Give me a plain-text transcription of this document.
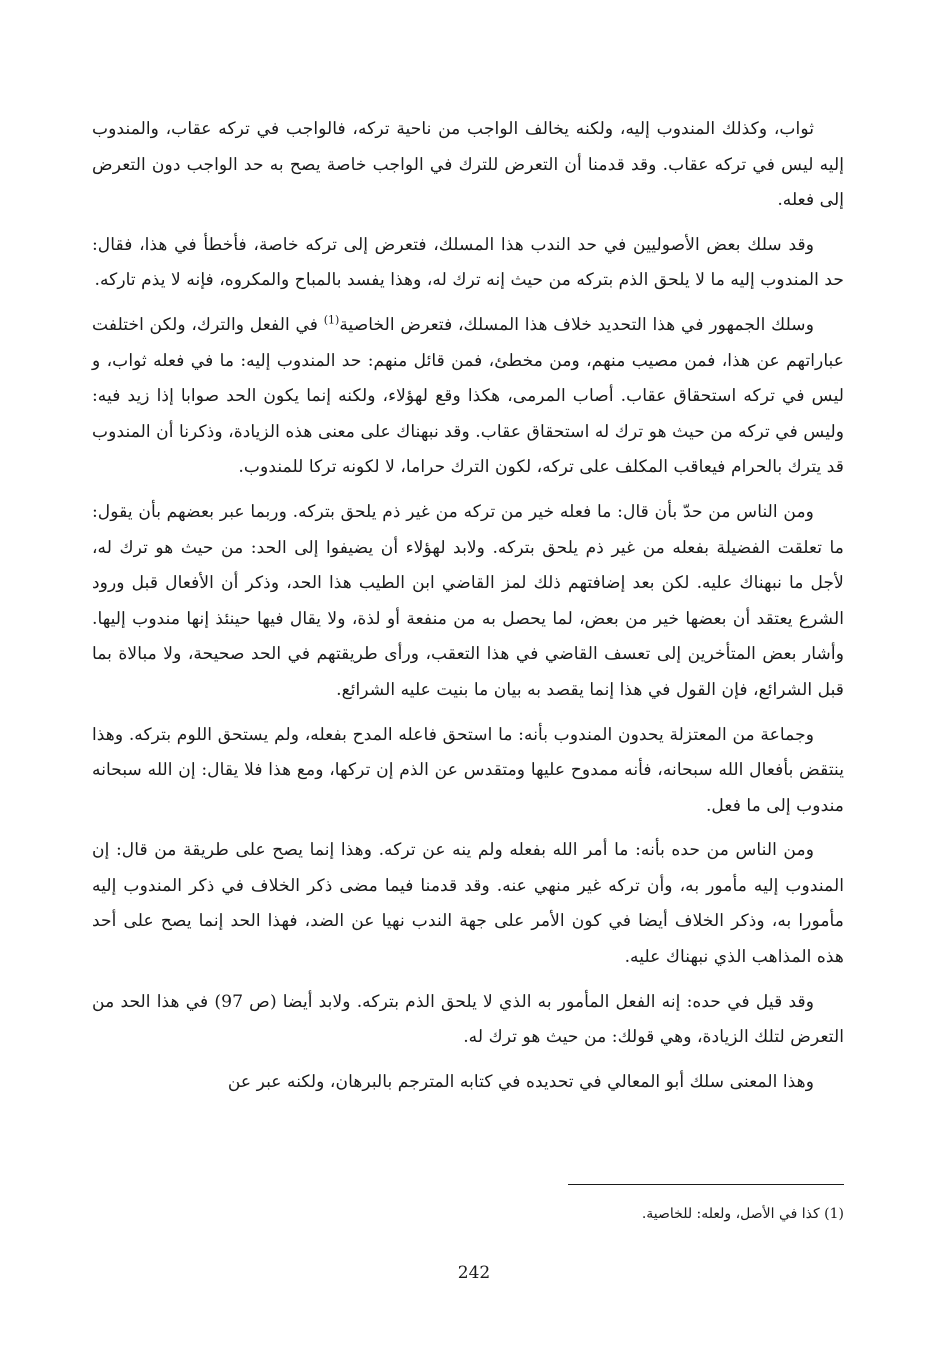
ثواب، وكذلك المندوب إليه، ولكنه يخالف الواجب من ناحية تركه، فالواجب في تركه عقاب، والمندوب إليه ليس في تركه عقاب. وقد قدمنا أن التعرض للترك في الواجب خاصة يصح به حد الواجب دون التعرض إلى فعله.

وقد سلك بعض الأصوليين في حد الندب هذا المسلك، فتعرض إلى تركه خاصة، فأخطأ في هذا، فقال: حد المندوب إليه ما لا يلحق الذم بتركه من حيث إنه ترك له، وهذا يفسد بالمباح والمكروه، فإنه لا يذم تاركه.

وسلك الجمهور في هذا التحديد خلاف هذا المسلك، فتعرض الخاصية$^{(1)}$ في الفعل والترك، ولكن اختلفت عباراتهم عن هذا، فمن مصيب منهم، ومن مخطئ، فمن قائل منهم: حد المندوب إليه: ما في فعله ثواب، و ليس في تركه استحقاق عقاب. أصاب المرمى، هكذا وقع لهؤلاء، ولكنه إنما يكون الحد صوابا إذا زيد فيه: وليس في تركه من حيث هو ترك له استحقاق عقاب. وقد نبهناك على معنى هذه الزيادة، وذكرنا أن المندوب قد يترك بالحرام فيعاقب المكلف على تركه، لكون الترك حراما، لا لكونه تركا للمندوب.

ومن الناس من حدّ بأن قال: ما فعله خير من تركه من غير ذم يلحق بتركه. وربما عبر بعضهم بأن يقول: ما تعلقت الفضيلة بفعله من غير ذم يلحق بتركه. ولابد لهؤلاء أن يضيفوا إلى الحد: من حيث هو ترك له، لأجل ما نبهناك عليه. لكن بعد إضافتهم ذلك لمز القاضي ابن الطيب هذا الحد، وذكر أن الأفعال قبل ورود الشرع يعتقد أن بعضها خير من بعض، لما يحصل به من منفعة أو لذة، ولا يقال فيها حينئذ إنها مندوب إليها. وأشار بعض المتأخرين إلى تعسف القاضي في هذا التعقب، ورأى طريقتهم في الحد صحيحة، ولا مبالاة بما قبل الشرائع، فإن القول في هذا إنما يقصد به بيان ما بنيت عليه الشرائع.

وجماعة من المعتزلة يحدون المندوب بأنه: ما استحق فاعله المدح بفعله، ولم يستحق اللوم بتركه. وهذا ينتقض بأفعال الله سبحانه، فأنه ممدوح عليها ومتقدس عن الذم إن تركها، ومع هذا فلا يقال: إن الله سبحانه مندوب إلى ما فعل.

ومن الناس من حده بأنه: ما أمر الله بفعله ولم ينه عن تركه. وهذا إنما يصح على طريقة من قال: إن المندوب إليه مأمور به، وأن تركه غير منهي عنه. وقد قدمنا فيما مضى ذكر الخلاف في ذكر المندوب إليه مأمورا به، وذكر الخلاف أيضا في كون الأمر على جهة الندب نهيا عن الضد، فهذا الحد إنما يصح على أحد هذه المذاهب الذي نبهناك عليه.

وقد قيل في حده: إنه الفعل المأمور به الذي لا يلحق الذم بتركه. ولابد أيضا (ص 97) في هذا الحد من التعرض لتلك الزيادة، وهي قولك: من حيث هو ترك له.

وهذا المعنى سلك أبو المعالي في تحديده في كتابه المترجم بالبرهان، ولكنه عبر عن

(1) كذا في الأصل، ولعله: للخاصية.

242
